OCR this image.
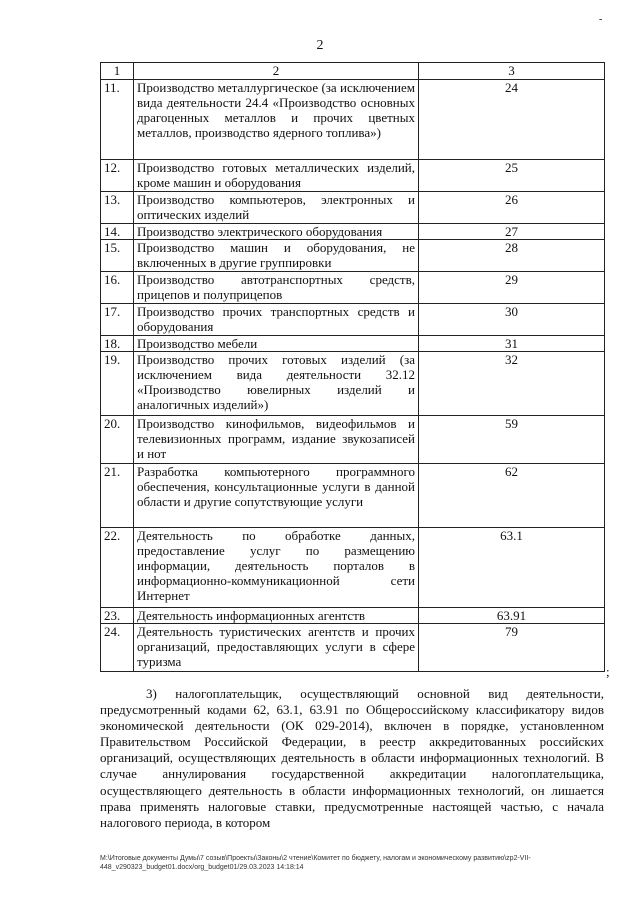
-
2
1	2	3
11.	Производство металлургическое (за исключением вида деятельности 24.4 «Производство основных драгоценных металлов и прочих цветных металлов, производство ядерного топлива»)	24
12.	Производство готовых металлических изделий, кроме машин и оборудования	25
13.	Производство компьютеров, электронных и оптических изделий	26
14.	Производство электрического оборудования	27
15.	Производство машин и оборудования, не включенных в другие группировки	28
16.	Производство автотранспортных средств, прицепов и полуприцепов	29
17.	Производство прочих транспортных средств и оборудования	30
18.	Производство мебели	31
19.	Производство прочих готовых изделий (за исключением вида деятельности 32.12 «Производство ювелирных изделий и аналогичных изделий»)	32
20.	Производство кинофильмов, видеофильмов и телевизионных программ, издание звукозаписей и нот	59
21.	Разработка компьютерного программного обеспечения, консультационные услуги в данной области и другие сопутствующие услуги	62
22.	Деятельность по обработке данных, предоставление услуг по размещению информации, деятельность порталов в информационно-коммуникационной сети Интернет	63.1
23.	Деятельность информационных агентств	63.91
24.	Деятельность туристических агентств и прочих организаций, предоставляющих услуги в сфере туризма	79
;

3) налогоплательщик, осуществляющий основной вид деятельности, предусмотренный кодами 62, 63.1, 63.91 по Общероссийскому классификатору видов экономической деятельности (ОК 029-2014), включен в порядке, установленном Правительством Российской Федерации, в реестр аккредитованных российских организаций, осуществляющих деятельность в области информационных технологий. В случае аннулирования государственной аккредитации налогоплательщика, осуществляющего деятельность в области информационных технологий, он лишается права применять налоговые ставки, предусмотренные настоящей частью, с начала налогового периода, в котором

M:\Итоговые документы Думы\7 созыв\Проекты\Законы\2 чтение\Комитет по бюджету, налогам и экономическому развитию\zp2-VII-448_v290323_budget01.docx/org_budget01/29.03.2023 14:18:14
